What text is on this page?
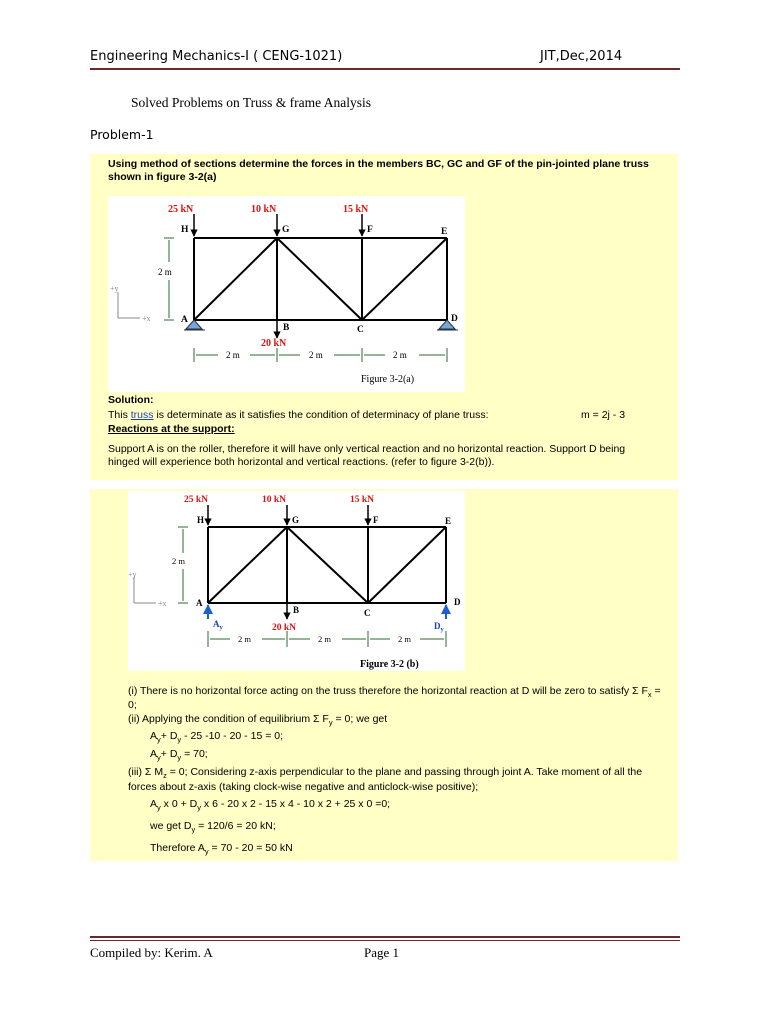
Engineering Mechanics-I ( CENG-1021)	JIT,Dec,2014
Solved Problems on Truss & frame Analysis
Problem-1
Using method of sections determine the forces in the members BC, GC and GF of the pin-jointed plane truss
shown in figure 3-2(a)
25 kN	10 kN	15 kN
20 kN
H	G	F	E
A
B	C
D
2 m
+y
+x
2 m	2 m	2 m
Figure 3-2(a)
Solution:
This truss is determinate as it satisfies the condition of determinacy of plane truss:	m = 2j - 3
Reactions at the support:
Support A is on the roller, therefore it will have only vertical reaction and no horizontal reaction. Support D being
hinged will experience both horizontal and vertical reactions. (refer to figure 3-2(b)).
25 kN	10 kN	15 kN
20 kN
H	G	F	E
A
B	C
D
$A_y$	$D_y$
2 m
+y
+x
2 m	2 m	2 m
Figure 3-2 (b)
(i) There is no horizontal force acting on the truss therefore the horizontal reaction at D will be zero to satisfy Σ $F_x$ =
0;
(ii) Applying the condition of equilibrium Σ $F_y = 0$; we get
$A_y+ D_y - 25$ -10 - 20 - 15 = 0;
$A_y+ D_y = 70$;
(iii) Σ $M_z = 0$; Considering z-axis perpendicular to the plane and passing through joint A. Take moment of all the
forces about z-axis (taking clock-wise negative and anticlock-wise positive);
$A_y$ x $0 + D_y$ x 6 - 20 x 2 - 15 x 4 - 10 x 2 + 25 x 0 =0;
we get $D_y = 120/6 = 20$ kN;
Therefore $A_y = 70 - 20 = 50$ kN
Compiled by: Kerim. A	Page 1
